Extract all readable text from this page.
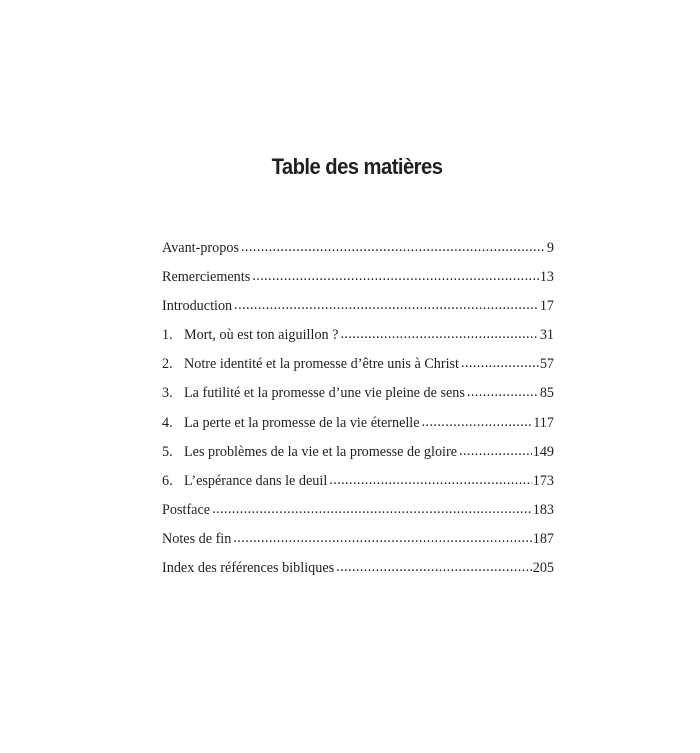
Table des matières
Avant-propos .....	9
Remerciements .....	13
Introduction .....	17
1. Mort, où est ton aiguillon ? .....	31
2. Notre identité et la promesse d’être unis à Christ .....	57
3. La futilité et la promesse d’une vie pleine de sens .....	85
4. La perte et la promesse de la vie éternelle .....	117
5. Les problèmes de la vie et la promesse de gloire .....	149
6. L’espérance dans le deuil .....	173
Postface .....	183
Notes de fin .....	187
Index des références bibliques .....	205
